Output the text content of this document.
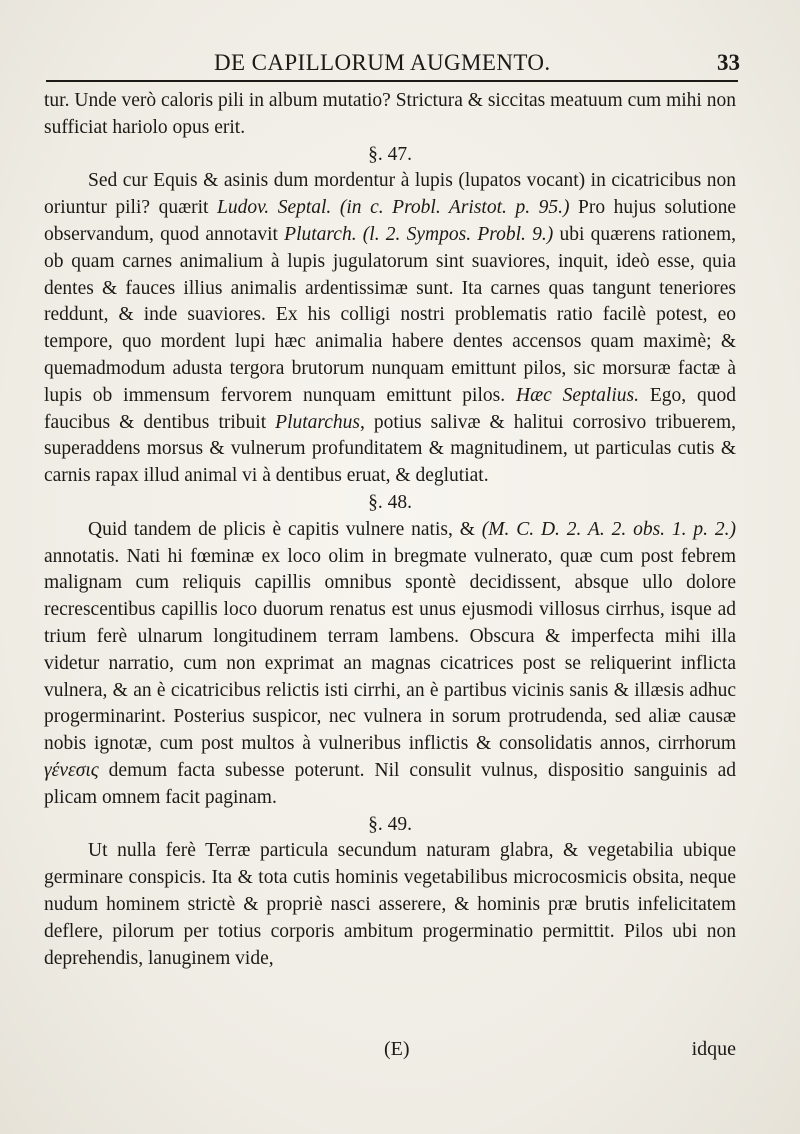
DE CAPILLORUM AUGMENTO.	33

tur. Unde verò caloris pili in album mutatio? Strictura & siccitas meatuum cum mihi non sufficiat hariolo opus erit.

§. 47.

Sed cur Equis & asinis dum mordentur à lupis (lupatos vocant) in cicatricibus non oriuntur pili? quærit Ludov. Septal. (in c. Probl. Aristot. p. 95.) Pro hujus solutione observandum, quod annotavit Plutarch. (l. 2. Sympos. Probl. 9.) ubi quærens rationem, ob quam carnes animalium à lupis jugulatorum sint suaviores, inquit, ideò esse, quia dentes & fauces illius animalis ardentissimæ sunt. Ita carnes quas tangunt teneriores reddunt, & inde suaviores. Ex his colligi nostri problematis ratio facilè potest, eo tempore, quo mordent lupi hæc animalia habere dentes accensos quam maximè; & quemadmodum adusta tergora brutorum nunquam emittunt pilos, sic morsuræ factæ à lupis ob immensum fervorem nunquam emittunt pilos. Hæc Septalius. Ego, quod faucibus & dentibus tribuit Plutarchus, potius salivæ & halitui corrosivo tribuerem, superaddens morsus & vulnerum profunditatem & magnitudinem, ut particulas cutis & carnis rapax illud animal vi à dentibus eruat, & deglutiat.

§. 48.

Quid tandem de plicis è capitis vulnere natis, & (M. C. D. 2. A. 2. obs. 1. p. 2.) annotatis. Nati hi fœminæ ex loco olim in bregmate vulnerato, quæ cum post febrem malignam cum reliquis capillis omnibus spontè decidissent, absque ullo dolore recrescentibus capillis loco duorum renatus est unus ejusmodi villosus cirrhus, isque ad trium ferè ulnarum longitudinem terram lambens. Obscura & imperfecta mihi illa videtur narratio, cum non exprimat an magnas cicatrices post se reliquerint inflicta vulnera, & an è cicatricibus relictis isti cirrhi, an è partibus vicinis sanis & illæsis adhuc progerminarint. Posterius suspicor, nec vulnera in sorum protrudenda, sed aliæ causæ nobis ignotæ, cum post multos à vulneribus inflictis & consolidatis annos, cirrhorum γένεσις demum facta subesse poterunt. Nil consulit vulnus, dispositio sanguinis ad plicam omnem facit paginam.

§. 49.

Ut nulla ferè Terræ particula secundum naturam glabra, & vegetabilia ubique germinare conspicis. Ita & tota cutis hominis vegetabilibus microcosmicis obsita, neque nudum hominem strictè & propriè nasci asserere, & hominis præ brutis infelicitatem deflere, pilorum per totius corporis ambitum progerminatio permittit. Pilos ubi non deprehendis, lanuginem vide,

(E)	idque
